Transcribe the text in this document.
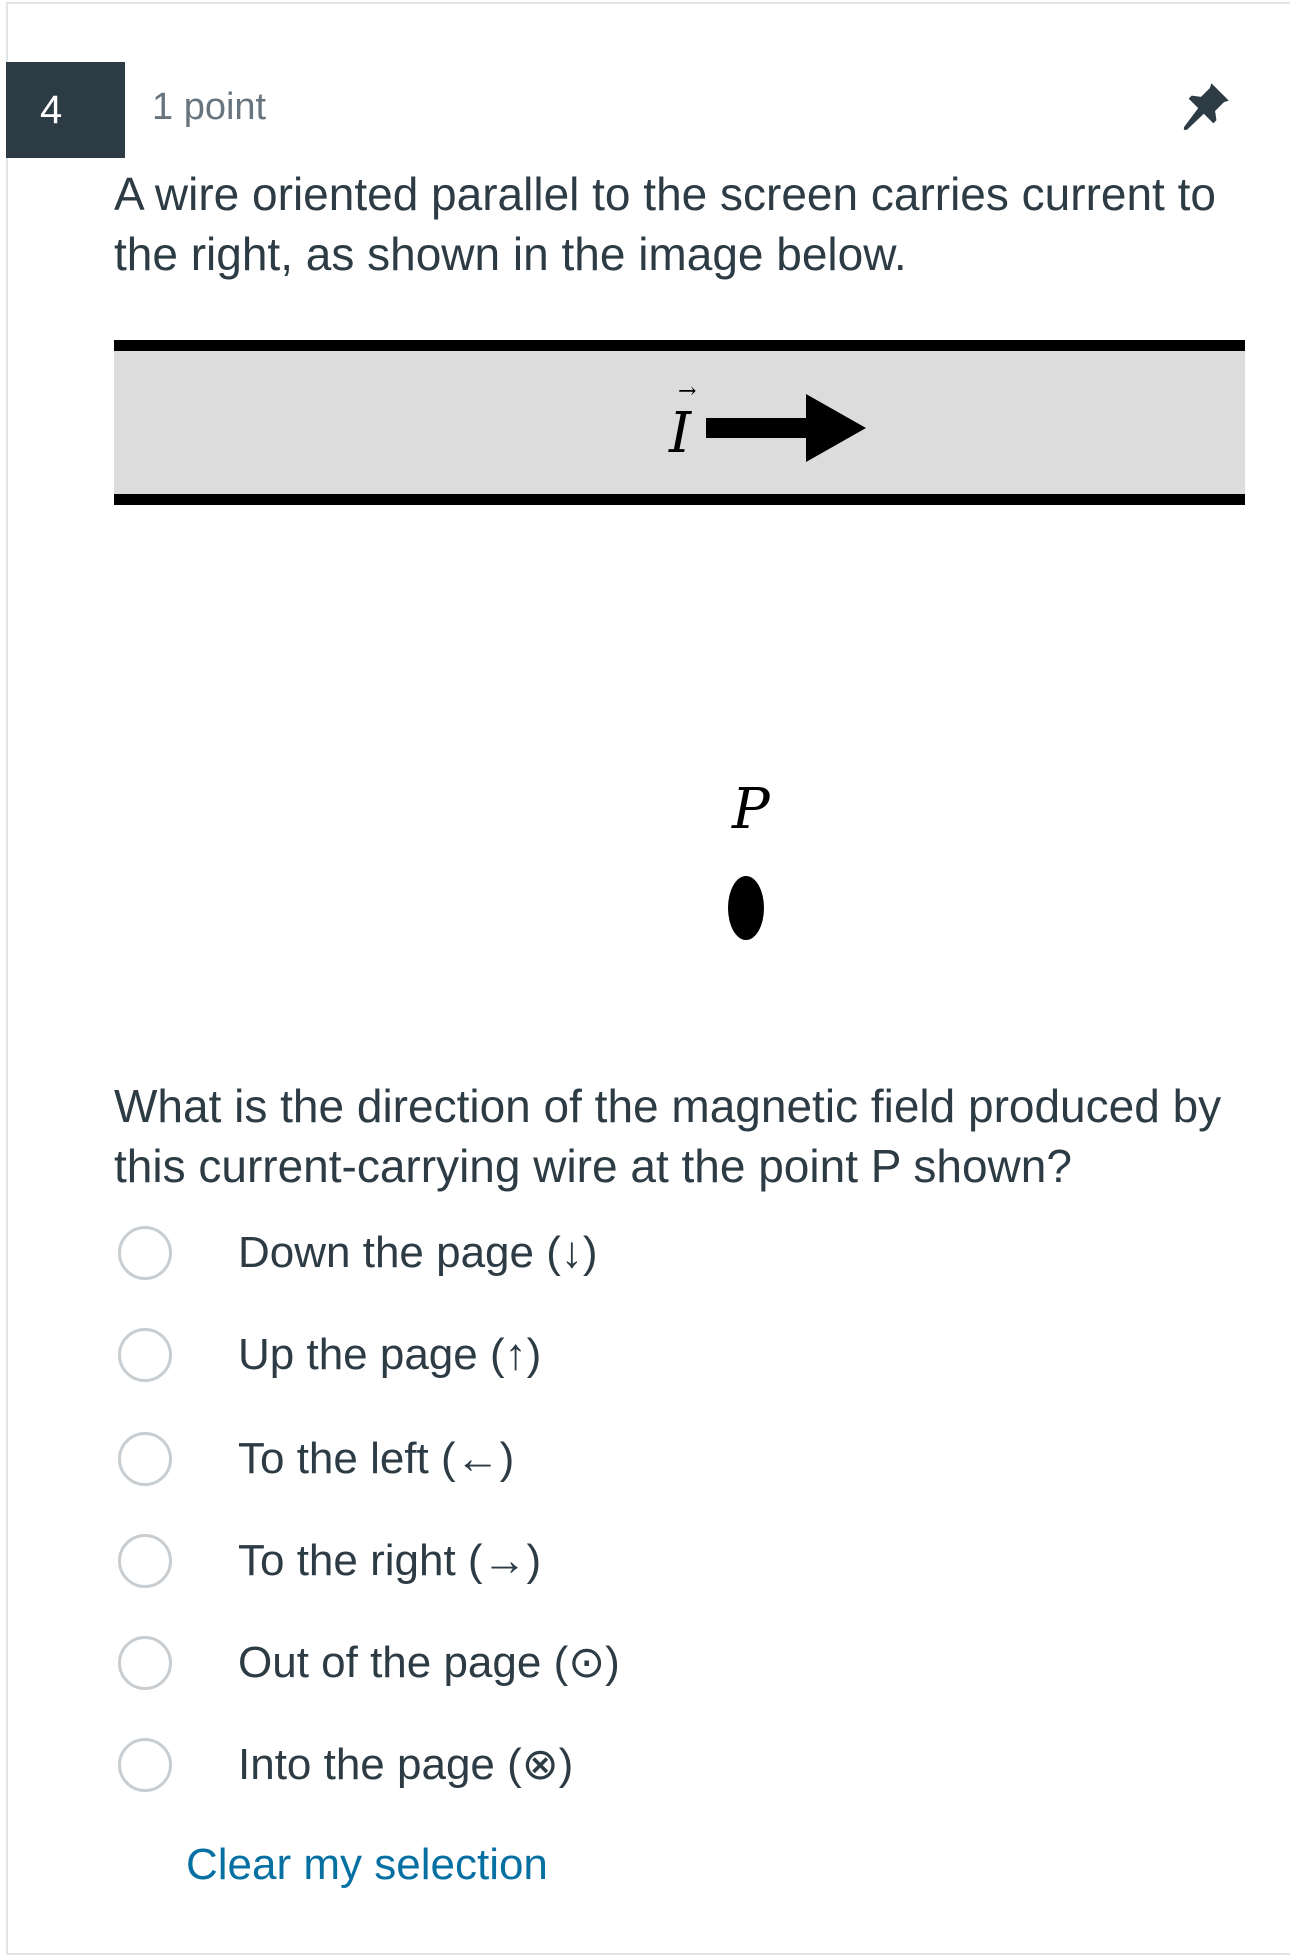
4	1 point
A wire oriented parallel to the screen carries current to the right, as shown in the image below.
→
I
P
What is the direction of the magnetic field produced by this current-carrying wire at the point P shown?
Down the page (↓)
Up the page (↑)
To the left (←)
To the right (→)
Out of the page (⊙)
Into the page (⊗)
Clear my selection
